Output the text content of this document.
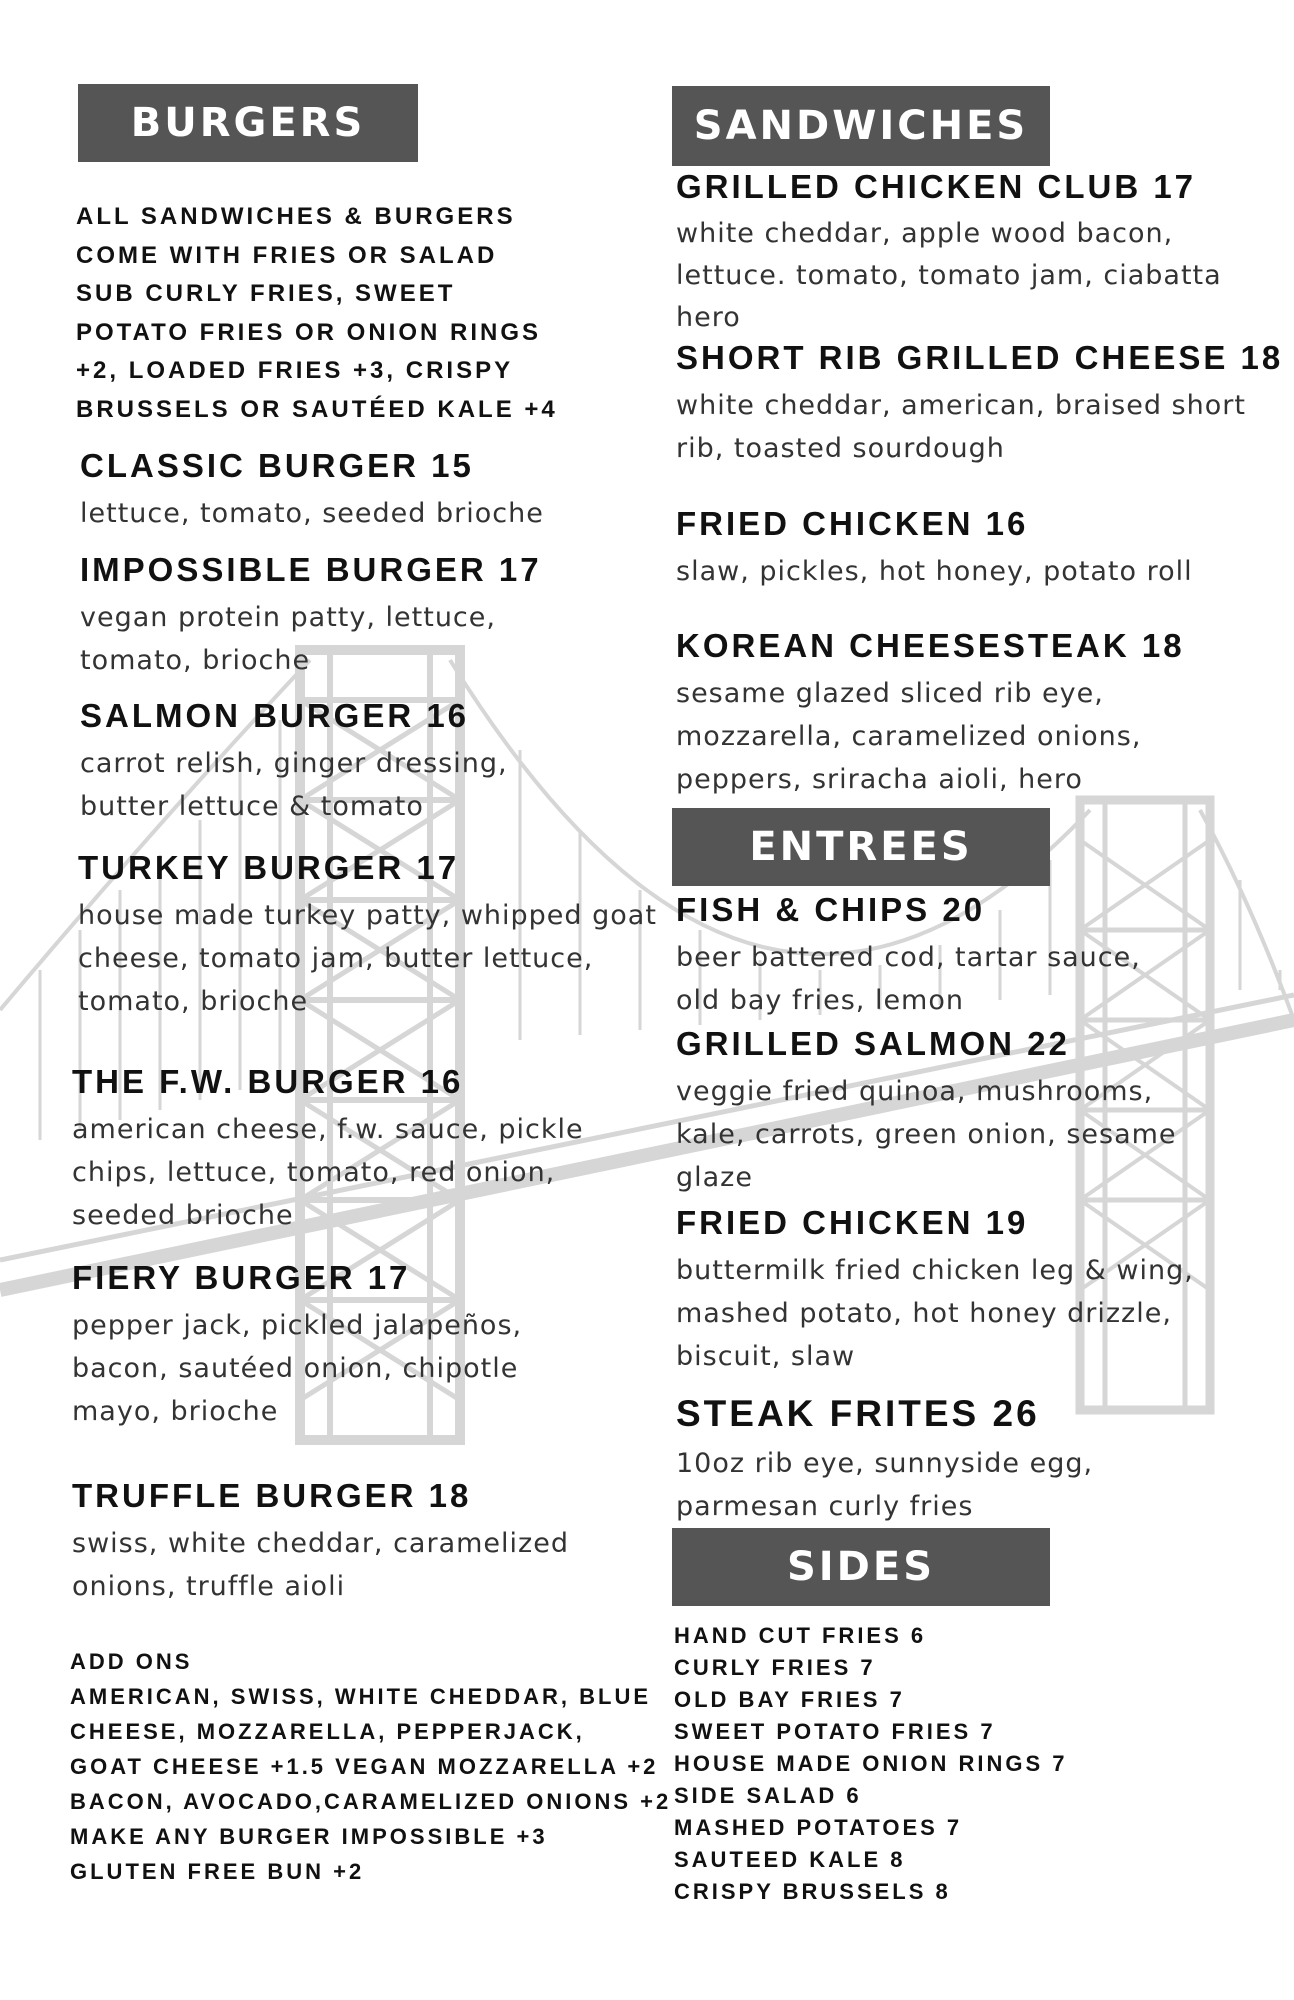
BURGERS

ALL SANDWICHES & BURGERS

COME WITH FRIES OR SALAD

SUB CURLY FRIES, SWEET

POTATO FRIES OR ONION RINGS

+2, LOADED FRIES +3, CRISPY

BRUSSELS OR SAUTÉED KALE +4

CLASSIC BURGER 15
lettuce, tomato, seeded brioche
IMPOSSIBLE BURGER 17
vegan protein patty, lettuce,
tomato, brioche
SALMON BURGER 16
carrot relish, ginger dressing,
butter lettuce & tomato
TURKEY BURGER 17
house made turkey patty, whipped goat
cheese, tomato jam, butter lettuce,
tomato, brioche
THE F.W. BURGER 16
american cheese, f.w. sauce, pickle
chips, lettuce, tomato, red onion,
seeded brioche
FIERY BURGER 17
pepper jack, pickled jalapeños,
bacon, sautéed onion, chipotle
mayo, brioche
TRUFFLE BURGER 18
swiss, white cheddar, caramelized
onions, truffle aioli
ADD ONS
AMERICAN, SWISS, WHITE CHEDDAR, BLUE
CHEESE, MOZZARELLA, PEPPERJACK,
GOAT CHEESE +1.5 VEGAN MOZZARELLA +2
BACON, AVOCADO,CARAMELIZED ONIONS +2
MAKE ANY BURGER IMPOSSIBLE +3
GLUTEN FREE BUN +2
SANDWICHES
GRILLED CHICKEN CLUB 17
white cheddar, apple wood bacon,
lettuce. tomato, tomato jam, ciabatta
hero
SHORT RIB GRILLED CHEESE 18
white cheddar, american, braised short
rib, toasted sourdough
FRIED CHICKEN 16
slaw, pickles, hot honey, potato roll
KOREAN CHEESESTEAK 18
sesame glazed sliced rib eye,
mozzarella, caramelized onions,
peppers, sriracha aioli, hero
ENTREES
FISH & CHIPS 20
beer battered cod, tartar sauce,
old bay fries, lemon
GRILLED SALMON 22
veggie fried quinoa, mushrooms,
kale, carrots, green onion, sesame
glaze
FRIED CHICKEN 19
buttermilk fried chicken leg & wing,
mashed potato, hot honey drizzle,
biscuit, slaw
STEAK FRITES 26
10oz rib eye, sunnyside egg,
parmesan curly fries
SIDES
HAND CUT FRIES 6
CURLY FRIES 7
OLD BAY FRIES 7
SWEET POTATO FRIES 7
HOUSE MADE ONION RINGS 7
SIDE SALAD 6
MASHED POTATOES 7
SAUTEED KALE 8
CRISPY BRUSSELS 8
